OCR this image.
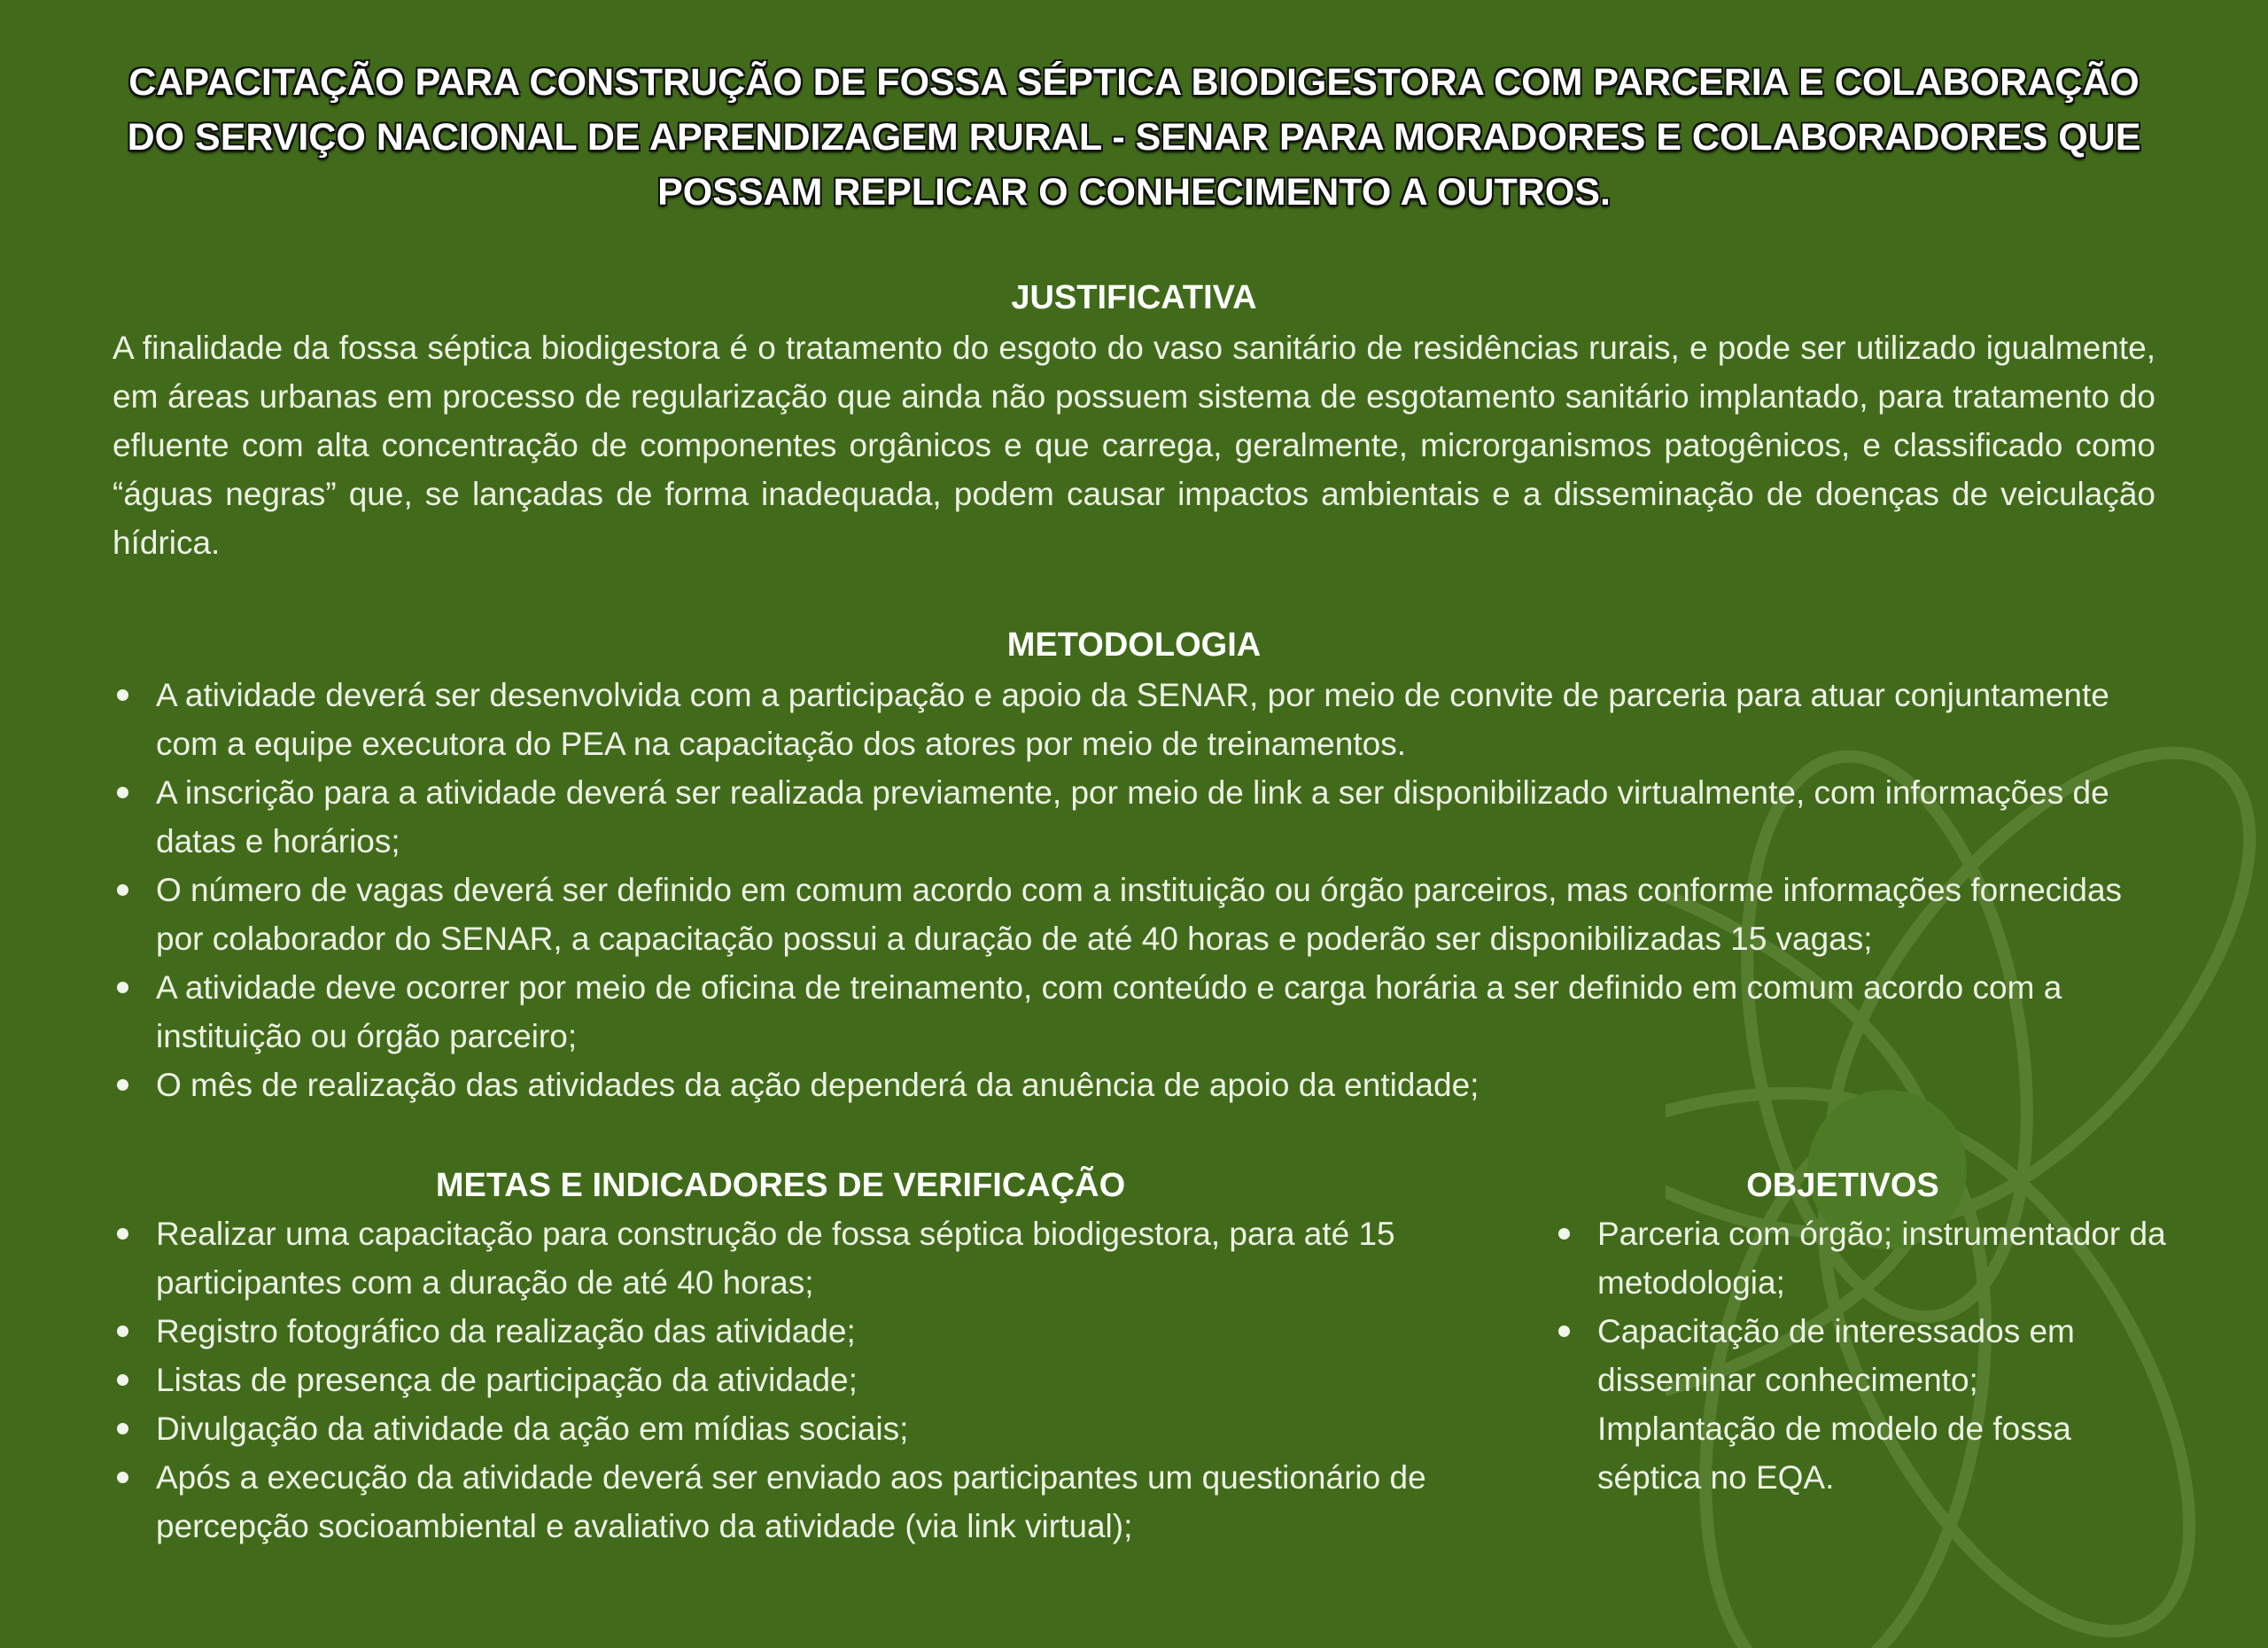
CAPACITAÇÃO PARA CONSTRUÇÃO DE FOSSA SÉPTICA BIODIGESTORA COM PARCERIA E COLABORAÇÃO DO SERVIÇO NACIONAL DE APRENDIZAGEM RURAL - SENAR PARA MORADORES E COLABORADORES QUE POSSAM REPLICAR O CONHECIMENTO A OUTROS.
JUSTIFICATIVA

A finalidade da fossa séptica biodigestora é o tratamento do esgoto do vaso sanitário de residências rurais, e pode ser utilizado igualmente, em áreas urbanas em processo de regularização que ainda não possuem sistema de esgotamento sanitário implantado, para tratamento do efluente com alta concentração de componentes orgânicos e que carrega, geralmente, microrganismos patogênicos, e classificado como “águas negras” que, se lançadas de forma inadequada, podem causar impactos ambientais e a disseminação de doenças de veiculação hídrica.

METODOLOGIA
A atividade deverá ser desenvolvida com a participação e apoio da SENAR, por meio de convite de parceria para atuar conjuntamente com a equipe executora do PEA na capacitação dos atores por meio de treinamentos.
A inscrição para a atividade deverá ser realizada previamente, por meio de link a ser disponibilizado virtualmente, com informações de datas e horários;
O número de vagas deverá ser definido em comum acordo com a instituição ou órgão parceiros, mas conforme informações fornecidas por colaborador do SENAR, a capacitação possui a duração de até 40 horas e poderão ser disponibilizadas 15 vagas;
A atividade deve ocorrer por meio de oficina de treinamento, com conteúdo e carga horária a ser definido em comum acordo com a instituição ou órgão parceiro;
O mês de realização das atividades da ação dependerá da anuência de apoio da entidade;
METAS E INDICADORES DE VERIFICAÇÃO
Realizar uma capacitação para construção de fossa séptica biodigestora, para até 15 participantes com a duração de até 40 horas;
Registro fotográfico da realização das atividade;
Listas de presença de participação da atividade;
Divulgação da atividade da ação em mídias sociais;
Após a execução da atividade deverá ser enviado aos participantes um questionário de percepção socioambiental e avaliativo da atividade (via link virtual);
OBJETIVOS
Parceria com órgão; instrumentador da metodologia;
Capacitação de interessados em disseminar conhecimento;
Implantação de modelo de fossa séptica no EQA.
